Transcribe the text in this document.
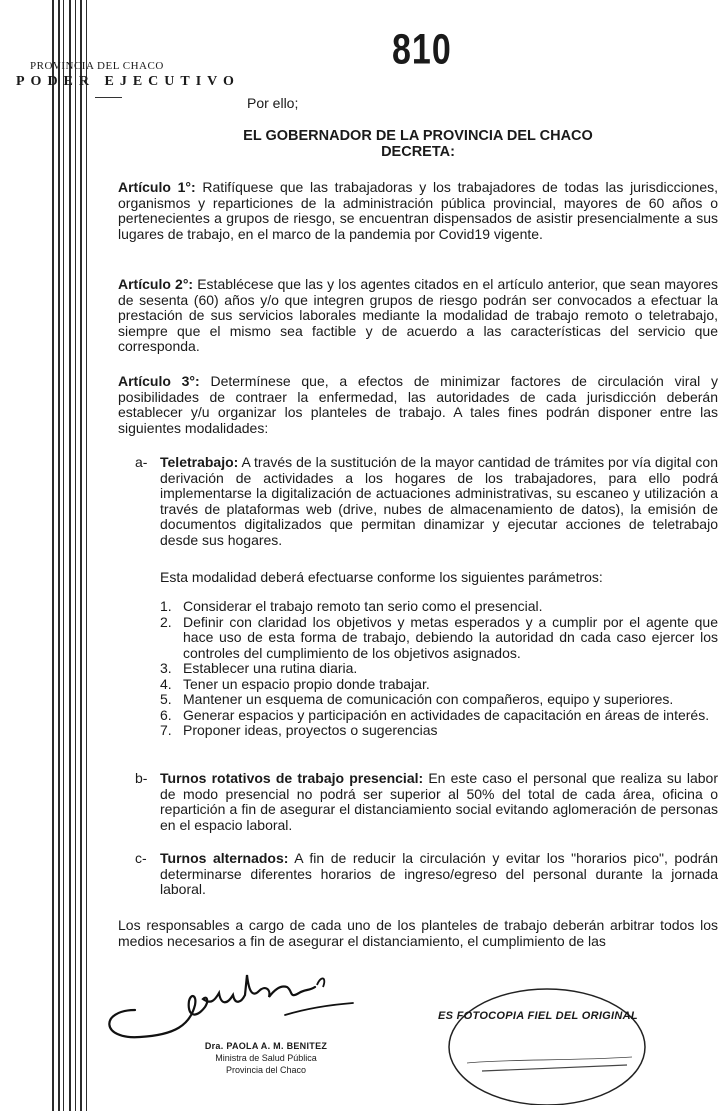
PROVINCIA DEL CHACO
PODER EJECUTIVO
810
Por ello;
EL GOBERNADOR DE LA PROVINCIA DEL CHACO
DECRETA:
Artículo 1°: Ratifíquese que las trabajadoras y los trabajadores de todas las jurisdicciones, organismos y reparticiones de la administración pública provincial, mayores de 60 años o pertenecientes a grupos de riesgo, se encuentran dispensados de asistir presencialmente a sus lugares de trabajo, en el marco de la pandemia por Covid19 vigente.
Artículo 2°: Establécese que las y los agentes citados en el artículo anterior, que sean mayores de sesenta (60) años y/o que integren grupos de riesgo podrán ser convocados a efectuar la prestación de sus servicios laborales mediante la modalidad de trabajo remoto o teletrabajo, siempre que el mismo sea factible y de acuerdo a las características del servicio que corresponda.
Artículo 3°: Determínese que, a efectos de minimizar factores de circulación viral y posibilidades de contraer la enfermedad, las autoridades de cada jurisdicción deberán establecer y/u organizar los planteles de trabajo. A tales fines podrán disponer entre las siguientes modalidades:
a- Teletrabajo: A través de la sustitución de la mayor cantidad de trámites por vía digital con derivación de actividades a los hogares de los trabajadores, para ello podrá implementarse la digitalización de actuaciones administrativas, su escaneo y utilización a través de plataformas web (drive, nubes de almacenamiento de datos), la emisión de documentos digitalizados que permitan dinamizar y ejecutar acciones de teletrabajo desde sus hogares.
Esta modalidad deberá efectuarse conforme los siguientes parámetros:
1. Considerar el trabajo remoto tan serio como el presencial.
2. Definir con claridad los objetivos y metas esperados y a cumplir por el agente que hace uso de esta forma de trabajo, debiendo la autoridad dn cada caso ejercer los controles del cumplimiento de los objetivos asignados.
3. Establecer una rutina diaria.
4. Tener un espacio propio donde trabajar.
5. Mantener un esquema de comunicación con compañeros, equipo y superiores.
6. Generar espacios y participación en actividades de capacitación en áreas de interés.
7. Proponer ideas, proyectos o sugerencias
b- Turnos rotativos de trabajo presencial: En este caso el personal que realiza su labor de modo presencial no podrá ser superior al 50% del total de cada área, oficina o repartición a fin de asegurar el distanciamiento social evitando aglomeración de personas en el espacio laboral.
c- Turnos alternados: A fin de reducir la circulación y evitar los "horarios pico", podrán determinarse diferentes horarios de ingreso/egreso del personal durante la jornada laboral.
Los responsables a cargo de cada uno de los planteles de trabajo deberán arbitrar todos los medios necesarios a fin de asegurar el distanciamiento, el cumplimiento de las
Dra. PAOLA A. M. BENITEZ
Ministra de Salud Pública
Provincia del Chaco
ES FOTOCOPIA FIEL DEL ORIGINAL
